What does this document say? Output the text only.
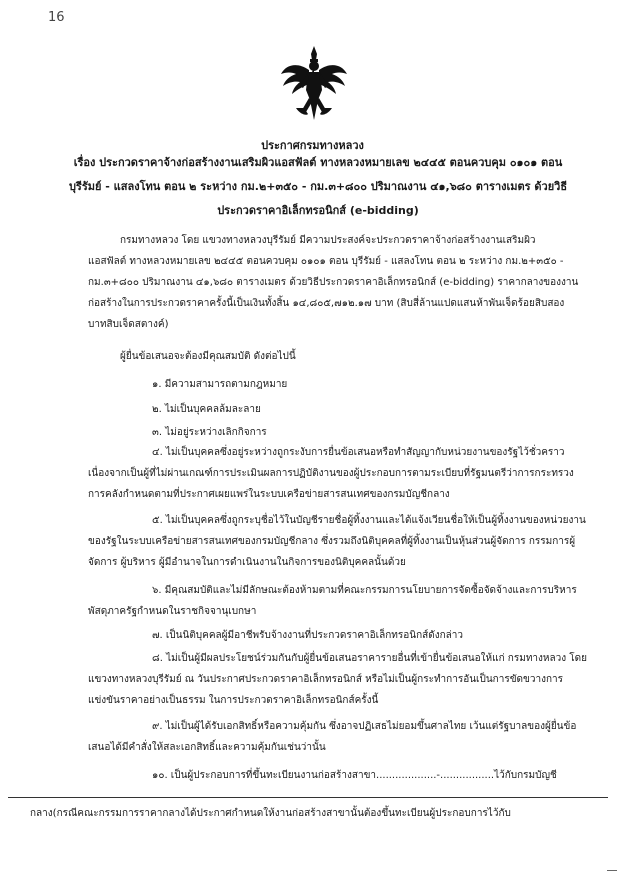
16
ประกาศกรมทางหลวง
เรื่อง ประกวดราคาจ้างก่อสร้างงานเสริมผิวแอสฟัลต์ ทางหลวงหมายเลข ๒๔๔๕ ตอนควบคุม ๐๑๐๑ ตอน
บุรีรัมย์ - แสลงโทน ตอน ๒ ระหว่าง กม.๒+๓๕๐ - กม.๓+๘๐๐ ปริมาณงาน ๔๑,๖๘๐ ตารางเมตร ด้วยวิธี
ประกวดราคาอิเล็กทรอนิกส์ (e-bidding)
กรมทางหลวง โดย แขวงทางหลวงบุรีรัมย์ มีความประสงค์จะประกวดราคาจ้างก่อสร้างงานเสริมผิว
แอสฟัลต์ ทางหลวงหมายเลข ๒๔๔๕ ตอนควบคุม ๐๑๐๑ ตอน บุรีรัมย์ - แสลงโทน ตอน ๒ ระหว่าง กม.๒+๓๕๐ -
กม.๓+๘๐๐ ปริมาณงาน ๔๑,๖๘๐ ตารางเมตร ด้วยวิธีประกวดราคาอิเล็กทรอนิกส์ (e-bidding) ราคากลางของงาน
ก่อสร้างในการประกวดราคาครั้งนี้เป็นเงินทั้งสิ้น ๑๔,๘๐๕,๗๑๒.๑๗ บาท (สิบสี่ล้านแปดแสนห้าพันเจ็ดร้อยสิบสอง
บาทสิบเจ็ดสตางค์)
ผู้ยื่นข้อเสนอจะต้องมีคุณสมบัติ ดังต่อไปนี้
๑. มีความสามารถตามกฎหมาย
๒. ไม่เป็นบุคคลล้มละลาย
๓. ไม่อยู่ระหว่างเลิกกิจการ
๔. ไม่เป็นบุคคลซึ่งอยู่ระหว่างถูกระงับการยื่นข้อเสนอหรือทำสัญญากับหน่วยงานของรัฐไว้ชั่วคราว
เนื่องจากเป็นผู้ที่ไม่ผ่านเกณฑ์การประเมินผลการปฏิบัติงานของผู้ประกอบการตามระเบียบที่รัฐมนตรีว่าการกระทรวง
การคลังกำหนดตามที่ประกาศเผยแพร่ในระบบเครือข่ายสารสนเทศของกรมบัญชีกลาง
๕. ไม่เป็นบุคคลซึ่งถูกระบุชื่อไว้ในบัญชีรายชื่อผู้ทิ้งงานและได้แจ้งเวียนชื่อให้เป็นผู้ทิ้งงานของหน่วยงาน
ของรัฐในระบบเครือข่ายสารสนเทศของกรมบัญชีกลาง ซึ่งรวมถึงนิติบุคคลที่ผู้ทิ้งงานเป็นหุ้นส่วนผู้จัดการ กรรมการผู้
จัดการ ผู้บริหาร ผู้มีอำนาจในการดำเนินงานในกิจการของนิติบุคคลนั้นด้วย
๖. มีคุณสมบัติและไม่มีลักษณะต้องห้ามตามที่คณะกรรมการนโยบายการจัดซื้อจัดจ้างและการบริหาร
พัสดุภาครัฐกำหนดในราชกิจจานุเบกษา
๗. เป็นนิติบุคคลผู้มีอาชีพรับจ้างงานที่ประกวดราคาอิเล็กทรอนิกส์ดังกล่าว
๘. ไม่เป็นผู้มีผลประโยชน์ร่วมกันกับผู้ยื่นข้อเสนอราคารายอื่นที่เข้ายื่นข้อเสนอให้แก่ กรมทางหลวง โดย
แขวงทางหลวงบุรีรัมย์ ณ วันประกาศประกวดราคาอิเล็กทรอนิกส์ หรือไม่เป็นผู้กระทำการอันเป็นการขัดขวางการ
แข่งขันราคาอย่างเป็นธรรม ในการประกวดราคาอิเล็กทรอนิกส์ครั้งนี้
๙. ไม่เป็นผู้ได้รับเอกสิทธิ์หรือความคุ้มกัน ซึ่งอาจปฏิเสธไม่ยอมขึ้นศาลไทย เว้นแต่รัฐบาลของผู้ยื่นข้อ
เสนอได้มีคำสั่งให้สละเอกสิทธิ์และความคุ้มกันเช่นว่านั้น
๑๐. เป็นผู้ประกอบการที่ขึ้นทะเบียนงานก่อสร้างสาขา...................-.................ไว้กับกรมบัญชี
กลาง(กรณีคณะกรรมการราคากลางได้ประกาศกำหนดให้งานก่อสร้างสาขานั้นต้องขึ้นทะเบียนผู้ประกอบการไว้กับ
